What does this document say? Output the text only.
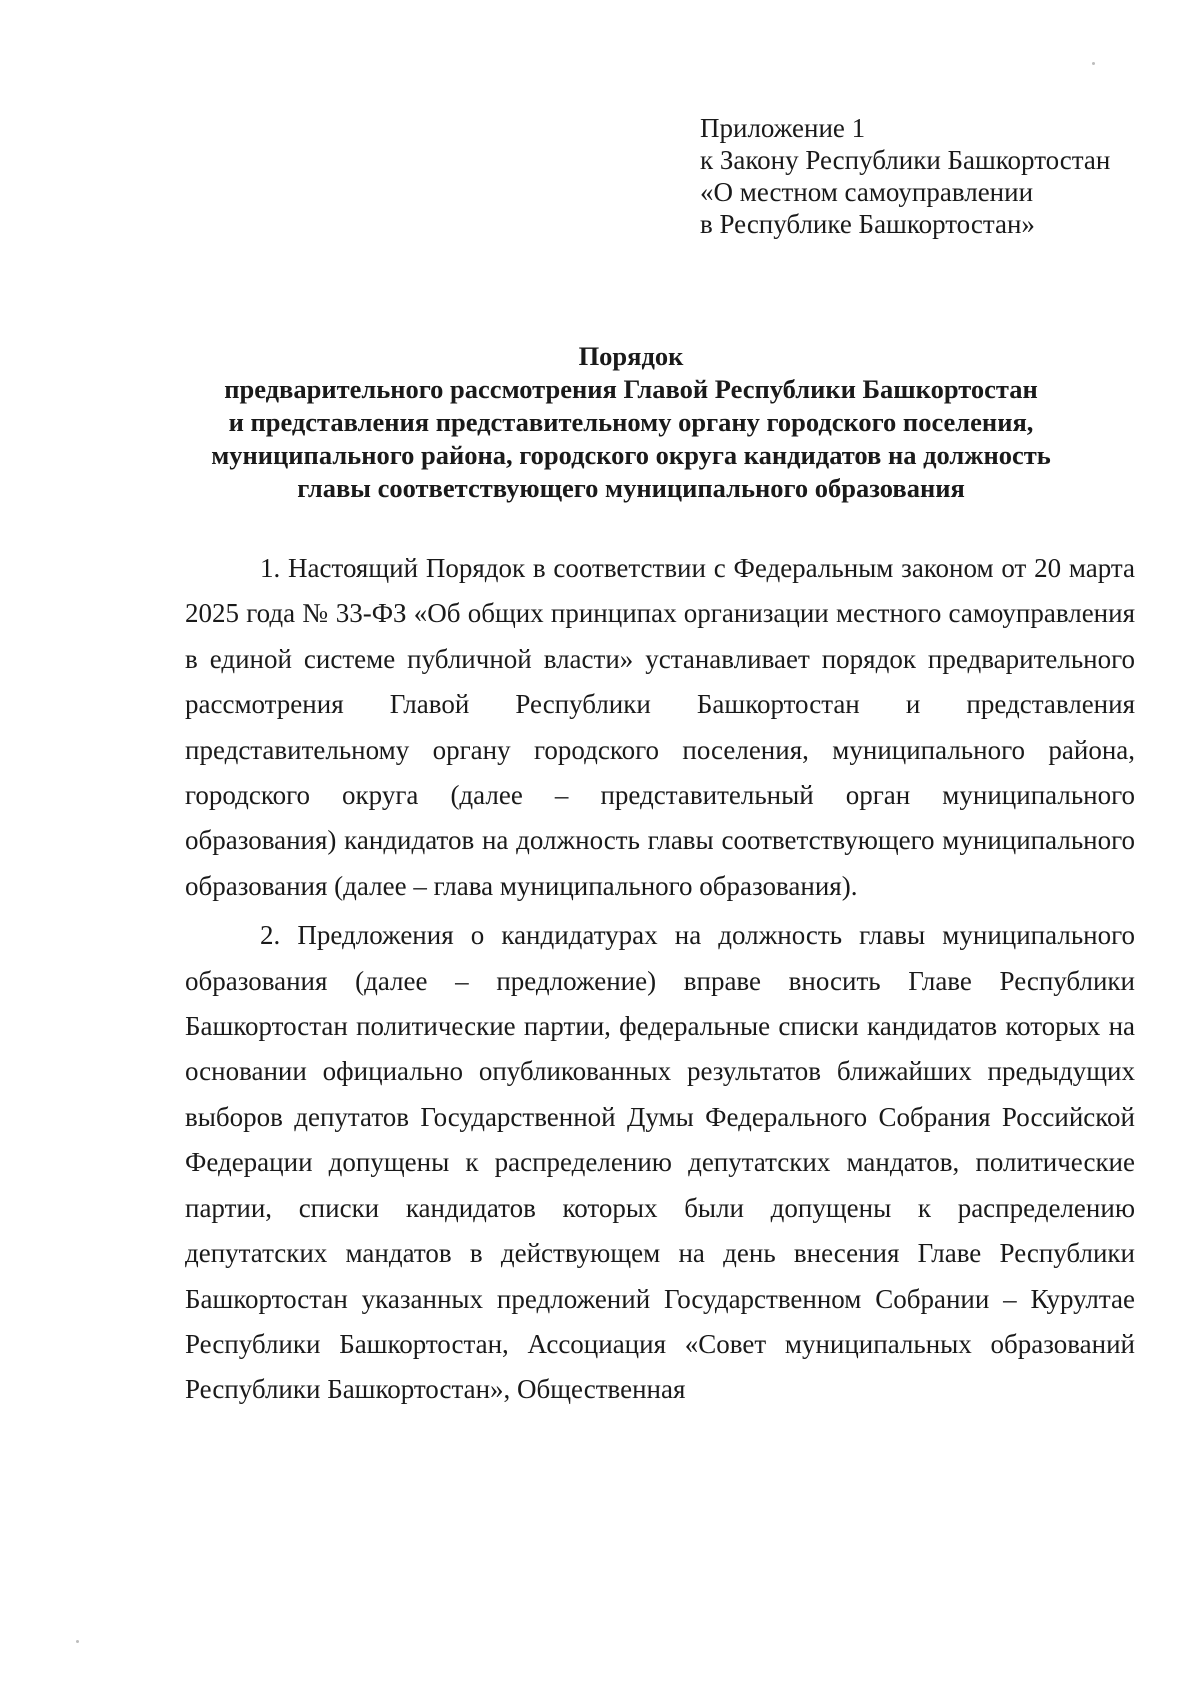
Приложение 1
к Закону Республики Башкортостан
«О местном самоуправлении
в Республике Башкортостан»
Порядок
предварительного рассмотрения Главой Республики Башкортостан
и представления представительному органу городского поселения,
муниципального района, городского округа кандидатов на должность
главы соответствующего муниципального образования

1. Настоящий Порядок в соответствии с Федеральным законом от 20 марта 2025 года № 33-ФЗ «Об общих принципах организации местного самоуправления в единой системе публичной власти» устанавливает порядок предварительного рассмотрения Главой Республики Башкортостан и представления представительному органу городского поселения, муниципального района, городского округа (далее – представительный орган муниципального образования) кандидатов на должность главы соответствующего муниципального образования (далее – глава муниципального образования).

2. Предложения о кандидатурах на должность главы муниципального образования (далее – предложение) вправе вносить Главе Республики Башкортостан политические партии, федеральные списки кандидатов которых на основании официально опубликованных результатов ближайших предыдущих выборов депутатов Государственной Думы Федерального Собрания Российской Федерации допущены к распределению депутатских мандатов, политические партии, списки кандидатов которых были допущены к распределению депутатских мандатов в действующем на день внесения Главе Республики Башкортостан указанных предложений Государственном Собрании – Курултае Республики Башкортостан, Ассоциация «Совет муниципальных образований Республики Башкортостан», Общественная
